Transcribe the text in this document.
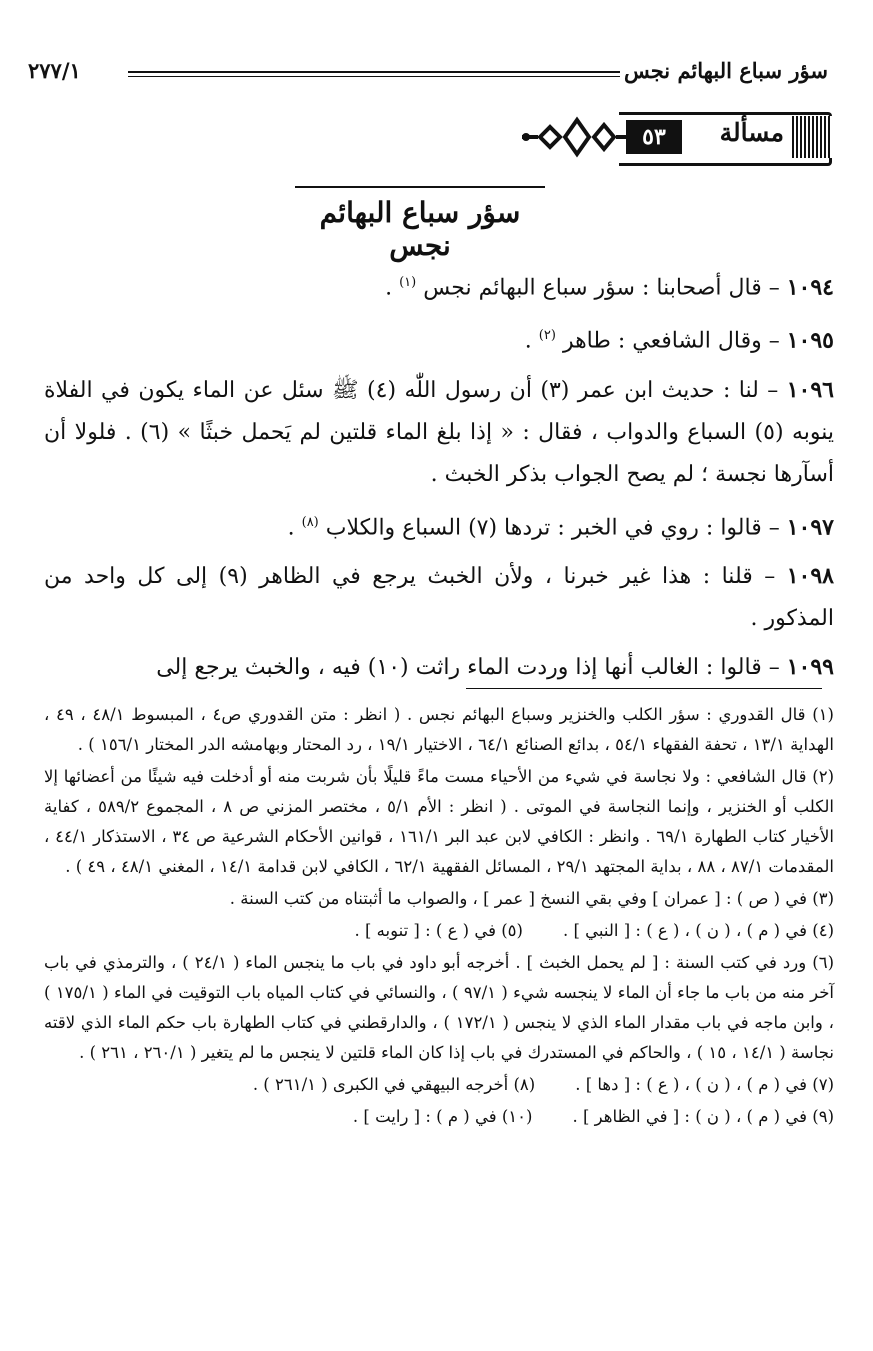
سؤر سباع البهائم نجس
٢٧٧/١
مسألة
٥٣
سؤر سباع البهائم نجس

١٠٩٤ – قال أصحابنا : سؤر سباع البهائم نجس $^{(١)}$ .

١٠٩٥ – وقال الشافعي : طاهر $^{(٢)}$ .

١٠٩٦ – لنا : حديث ابن عمر (٣) أن رسول اللّٰه (٤) ﷺ سئل عن الماء يكون في الفلاة ينوبه (٥) السباع والدواب ، فقال : « إذا بلغ الماء قلتين لم يَحمل خبثًا » (٦) . فلولا أن أسآرها نجسة ؛ لم يصح الجواب بذكر الخبث .

١٠٩٧ – قالوا : روي في الخبر : تردها (٧) السباع والكلاب $^{(٨)}$ .

١٠٩٨ – قلنا : هذا غير خبرنا ، ولأن الخبث يرجع في الظاهر (٩) إلى كل واحد من المذكور .

١٠٩٩ – قالوا : الغالب أنها إذا وردت الماء راثت (١٠) فيه ، والخبث يرجع إلى

(١) قال القدوري : سؤر الكلب والخنزير وسباع البهائم نجس . ( انظر : متن القدوري ص٤ ، المبسوط ٤٨/١ ، ٤٩ ، الهداية ١٣/١ ، تحفة الفقهاء ٥٤/١ ، بدائع الصنائع ٦٤/١ ، الاختيار ١٩/١ ، رد المحتار وبهامشه الدر المختار ١٥٦/١ ) .

(٢) قال الشافعي : ولا نجاسة في شيء من الأحياء مست ماءً قليلًا بأن شربت منه أو أدخلت فيه شيئًا من أعضائها إلا الكلب أو الخنزير ، وإنما النجاسة في الموتى . ( انظر : الأم ٥/١ ، مختصر المزني ص ٨ ، المجموع ٥٨٩/٢ ، كفاية الأخيار كتاب الطهارة ٦٩/١ . وانظر : الكافي لابن عبد البر ١٦١/١ ، قوانين الأحكام الشرعية ص ٣٤ ، الاستذكار ٤٤/١ ، المقدمات ٨٧/١ ، ٨٨ ، بداية المجتهد ٢٩/١ ، المسائل الفقهية ٦٢/١ ، الكافي لابن قدامة ١٤/١ ، المغني ٤٨/١ ، ٤٩ ) .

(٣) في ( ص ) : [ عمران ] وفي بقي النسخ [ عمر ] ، والصواب ما أثبتناه من كتب السنة .

(٤) في ( م ) ، ( ن ) ، ( ع ) : [ النبي ] .
(٥) في ( ع ) : [ تنوبه ] .

(٦) ورد في كتب السنة : [ لم يحمل الخبث ] . أخرجه أبو داود في باب ما ينجس الماء ( ٢٤/١ ) ، والترمذي في باب آخر منه من باب ما جاء أن الماء لا ينجسه شيء ( ٩٧/١ ) ، والنسائي في كتاب المياه باب التوقيت في الماء ( ١٧٥/١ ) ، وابن ماجه في باب مقدار الماء الذي لا ينجس ( ١٧٢/١ ) ، والدارقطني في كتاب الطهارة باب حكم الماء الذي لاقته نجاسة ( ١٤/١ ، ١٥ ) ، والحاكم في المستدرك في باب إذا كان الماء قلتين لا ينجس ما لم يتغير ( ٢٦٠/١ ، ٢٦١ ) .

(٧) في ( م ) ، ( ن ) ، ( ع ) : [ دها ] .
(٨) أخرجه البيهقي في الكبرى ( ٢٦١/١ ) .
(٩) في ( م ) ، ( ن ) : [ في الظاهر ] .
(١٠) في ( م ) : [ رايت ] .
